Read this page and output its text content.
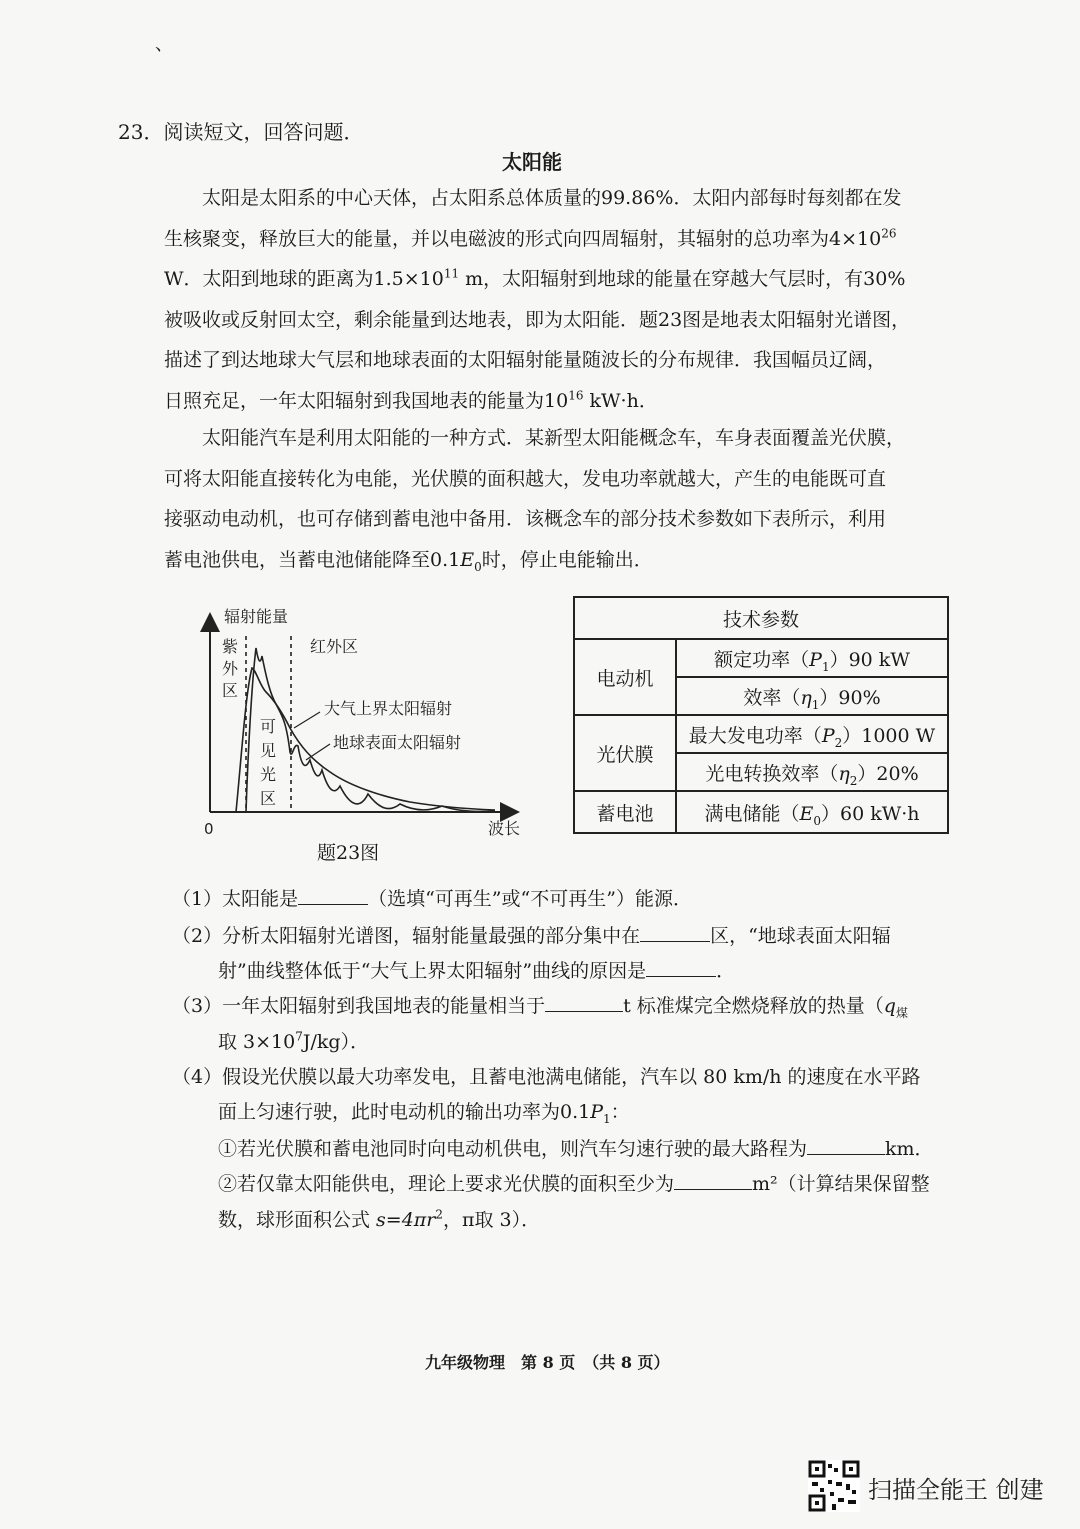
、
23．阅读短文，回答问题．
太阳能
太阳是太阳系的中心天体，占太阳系总体质量的99.86%．太阳内部每时每刻都在发
生核聚变，释放巨大的能量，并以电磁波的形式向四周辐射，其辐射的总功率为$4\times 10^{26}$
W．太阳到地球的距离为$1.5\times 10^{11}$ m，太阳辐射到地球的能量在穿越大气层时，有30%
被吸收或反射回太空，剩余能量到达地表，即为太阳能．题23图是地表太阳辐射光谱图，
描述了到达地球大气层和地球表面的太阳辐射能量随波长的分布规律．我国幅员辽阔，
日照充足，一年太阳辐射到我国地表的能量为$10^{16}$ kW·h．
太阳能汽车是利用太阳能的一种方式．某新型太阳能概念车，车身表面覆盖光伏膜，
可将太阳能直接转化为电能，光伏膜的面积越大，发电功率就越大，产生的电能既可直
接驱动电动机，也可存储到蓄电池中备用．该概念车的部分技术参数如下表所示，利用
蓄电池供电，当蓄电池储能降至$0.1E_0$时，停止电能输出．
辐射能量
波长
0
紫
外
区
可
见
光
区
红外区
大气上界太阳辐射
地球表面太阳辐射
题23图
技术参数	
电动机	额定功率$(P_1)90$ kW
	效率$(\eta_1)90\%$
光伏膜	最大发电功率$(P_2)1000$ W
	光电转换效率$(\eta_2)20\%$
蓄电池	满电储能$(E_0)60$ kW·h
（1）太阳能是	（选填“可再生”或“不可再生”）能源．
（2）分析太阳辐射光谱图，辐射能量最强的部分集中在	区，“地球表面太阳辐
射”曲线整体低于“大气上界太阳辐射”曲线的原因是	．
（3）一年太阳辐射到我国地表的能量相当于	t 标准煤完全燃烧释放的热量（$q_煤$
取 $3\times 10^7J/kg$）．
（4）假设光伏膜以最大功率发电，且蓄电池满电储能，汽车以 80 km/h 的速度在水平路
面上匀速行驶，此时电动机的输出功率为$0.1P_1$：
①若光伏膜和蓄电池同时向电动机供电，则汽车匀速行驶的最大路程为	km．
②若仅靠太阳能供电，理论上要求光伏膜的面积至少为	m²（计算结果保留整
数，球形面积公式 $s=4\pi r^2$，π取 3）．
九年级物理　第 8 页　（共 8 页）
扫描全能王 创建
